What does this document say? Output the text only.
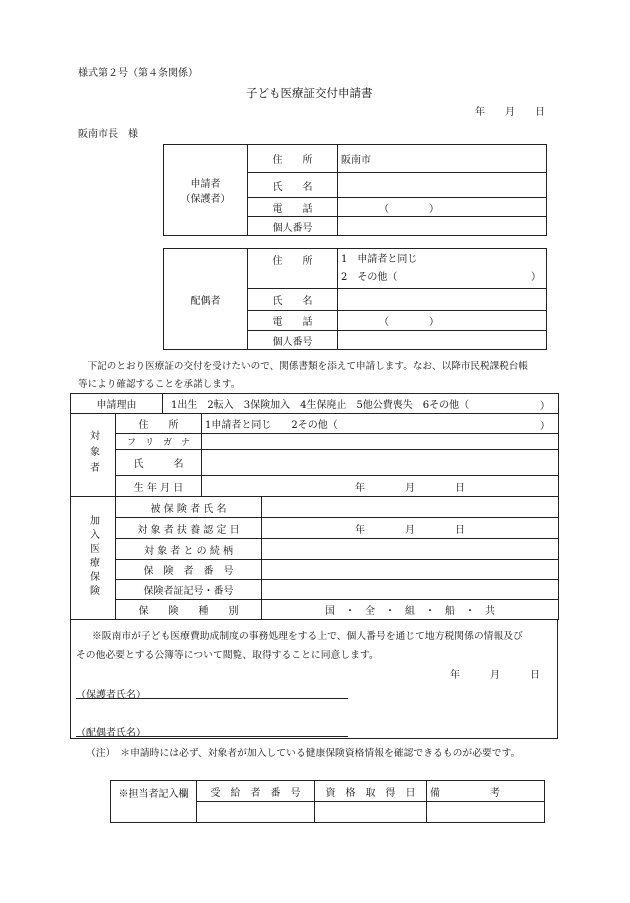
様式第２号（第４条関係）
子ども医療証交付申請書
年　　月　　日
阪南市長　様
申請者
（保護者）	住　　所	阪南市
	氏　　名	
	電　　話	（　　　　）
	個人番号	
配偶者	住　　所	1　申請者と同じ
2　その他（ ）

	氏　　名	
	電　　話	（　　　　）
	個人番号	
　下記のとおり医療証の交付を受けたいので、関係書類を添えて申請します。なお、以降市民税課税台帳
等により確認することを承諾します。
申請理由	1出生　2転入　3保険加入　4生保廃止　5他公費喪失　6その他（	）
対象者	住　　所	1申請者と同じ　　2その他（ ）

	フ　リ　ガ　ナ	
	氏　　　名	
	生 年 月 日	年　　　　月　　　　日
加入医療保険	被 保 険 者 氏 名	
	対 象 者 扶 養 認 定 日	年　　　　月　　　　日
	対 象 者 と の 続 柄	
	保　険　者　番　号	
	保険者証記号・番号	
	保　　険　　種　　別	国　・　全　・　組　・　船　・　共
※阪南市が子ども医療費助成制度の事務処理をする上で、個人番号を通じて地方税関係の情報及び
その他必要とする公簿等について閲覧、取得することに同意します。
年　　　月　　　日
（保護者氏名）
（配偶者氏名）
（注）　＊申請時には必ず、対象者が加入している健康保険資格情報を確認できるものが必要です。
※担当者記入欄	受　給　者　番　号	資　格　取　得　日	備　　　　　考
